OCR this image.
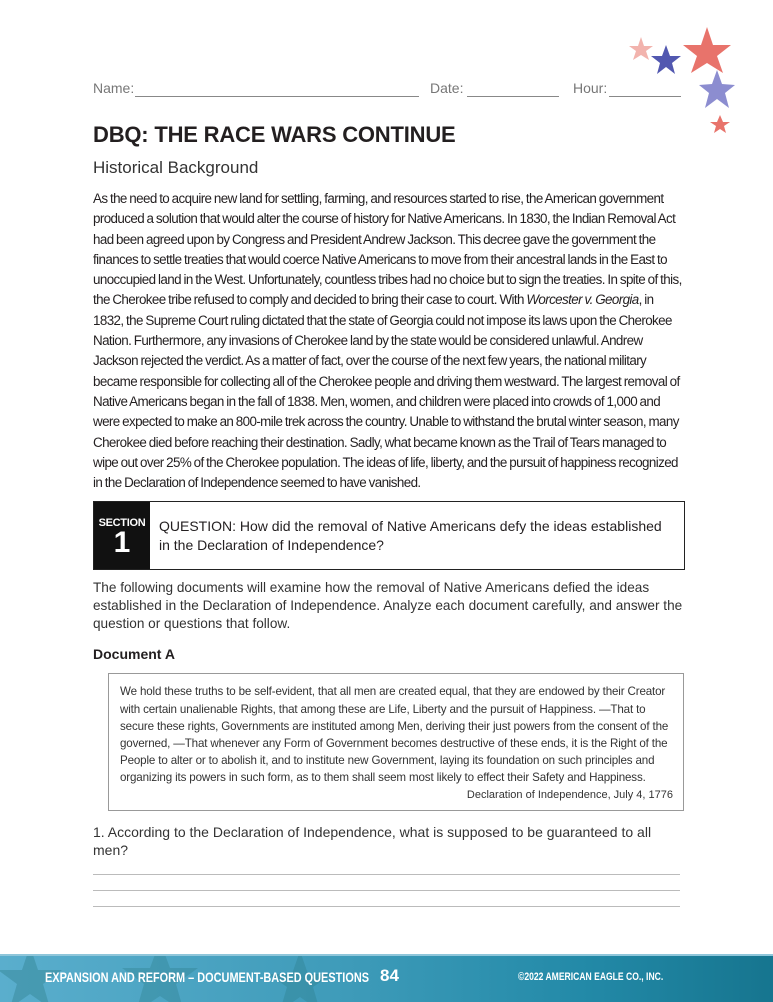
Name:	Date:	Hour:
DBQ: THE RACE WARS CONTINUE
Historical Background
As the need to acquire new land for settling, farming, and resources started to rise, the American government produced a solution that would alter the course of history for Native Americans. In 1830, the Indian Removal Act had been agreed upon by Congress and President Andrew Jackson. This decree gave the government the finances to settle treaties that would coerce Native Americans to move from their ancestral lands in the East to unoccupied land in the West. Unfortunately, countless tribes had no choice but to sign the treaties. In spite of this, the Cherokee tribe refused to comply and decided to bring their case to court. With Worcester v. Georgia, in 1832, the Supreme Court ruling dictated that the state of Georgia could not impose its laws upon the Cherokee Nation. Furthermore, any invasions of Cherokee land by the state would be considered unlawful. Andrew Jackson rejected the verdict. As a matter of fact, over the course of the next few years, the national military became responsible for collecting all of the Cherokee people and driving them westward. The largest removal of Native Americans began in the fall of 1838. Men, women, and children were placed into crowds of 1,000 and were expected to make an 800-mile trek across the country. Unable to withstand the brutal winter season, many Cherokee died before reaching their destination. Sadly, what became known as the Trail of Tears managed to wipe out over 25% of the Cherokee population. The ideas of life, liberty, and the pursuit of happiness recognized in the Declaration of Independence seemed to have vanished.
SECTION
1	QUESTION: How did the removal of Native Americans defy the ideas established in the Declaration of Independence?
The following documents will examine how the removal of Native Americans defied the ideas established in the Declaration of Independence. Analyze each document carefully, and answer the question or questions that follow.
Document A
We hold these truths to be self-evident, that all men are created equal, that they are endowed by their Creator with certain unalienable Rights, that among these are Life, Liberty and the pursuit of Happiness. —That to secure these rights, Governments are instituted among Men, deriving their just powers from the consent of the governed, —That whenever any Form of Government becomes destructive of these ends, it is the Right of the People to alter or to abolish it, and to institute new Government, laying its foundation on such principles and organizing its powers in such form, as to them shall seem most likely to effect their Safety and Happiness.
Declaration of Independence, July 4, 1776
1. According to the Declaration of Independence, what is supposed to be guaranteed to all men?
EXPANSION AND REFORM – DOCUMENT-BASED QUESTIONS 84	©2022 AMERICAN EAGLE CO., INC.
